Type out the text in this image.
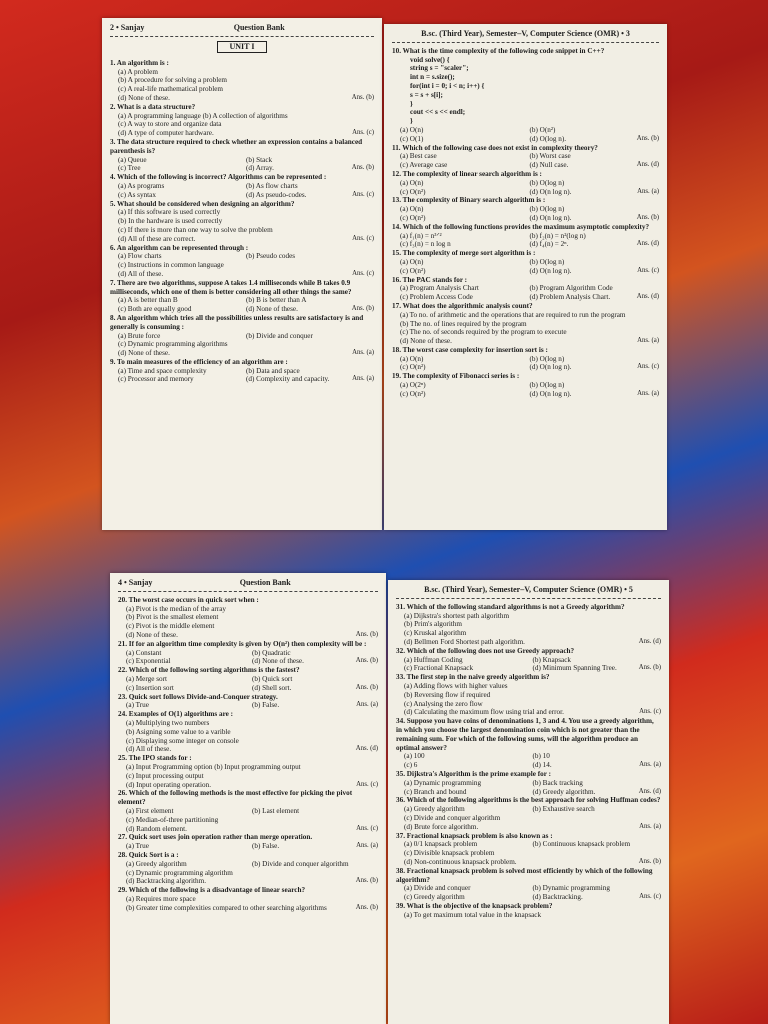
2 • Sanjay	Question Bank
UNIT I
1. An algorithm is :
(a) A problem
(b) A procedure for solving a problem
(c) A real-life mathematical problem
(d) None of these.	Ans. (b)
2. What is a data structure?
(a) A programming language (b) A collection of algorithms
(c) A way to store and organize data
(d) A type of computer hardware.	Ans. (c)
3. The data structure required to check whether an expression contains a balanced parenthesis is?
(a) Queue	(b) Stack
(c) Tree	(d) Array.	Ans. (b)
4. Which of the following is incorrect? Algorithms can be represented :
(a) As programs	(b) As flow charts
(c) As syntax	(d) As pseudo-codes.	Ans. (c)
5. What should be considered when designing an algorithm?
(a) If this software is used correctly
(b) In the hardware is used correctly
(c) If there is more than one way to solve the problem
(d) All of these are correct.	Ans. (c)
6. An algorithm can be represented through :
(a) Flow charts	(b) Pseudo codes
(c) Instructions in common language
(d) All of these.	Ans. (c)
7. There are two algorithms, suppose A takes 1.4 milliseconds while B takes 0.9 milliseconds, which one of them is better considering all other things the same?
(a) A is better than B	(b) B is better than A
(c) Both are equally good	(d) None of these.	Ans. (b)
8. An algorithm which tries all the possibilities unless results are satisfactory is and generally is consuming :
(a) Brute force	(b) Divide and conquer
(c) Dynamic programming algorithms
(d) None of these.	Ans. (a)
9. To main measures of the efficiency of an algorithm are :
(a) Time and space complexity	(b) Data and space
(c) Processor and memory	(d) Complexity and capacity.	Ans. (a)
B.sc. (Third Year), Semester–V, Computer Science (OMR) • 3
10. What is the time complexity of the following code snippet in C++?
void solve() {
string s = "scaler";
int n = s.size();
for(int i = 0; i < n; i++) {
s = s + s[i];
}
cout << s << endl;
}
(a) O(n)	(b) O(n²)
(c) O(1)	(d) O(log n).	Ans. (b)
11. Which of the following case does not exist in complexity theory?
(a) Best case	(b) Worst case
(c) Average case	(d) Null case.	Ans. (d)
12. The complexity of linear search algorithm is :
(a) O(n)	(b) O(log n)
(c) O(n²)	(d) O(n log n).	Ans. (a)
13. The complexity of Binary search algorithm is :
(a) O(n)	(b) O(log n)
(c) O(n²)	(d) O(n log n).	Ans. (b)
14. Which of the following functions provides the maximum asymptotic complexity?
(a) f₁(n) = n³ᐟ²	(b) f₂(n) = n²(log n)
(c) f₃(n) = n log n	(d) f₄(n) = 2ⁿ.	Ans. (d)
15. The complexity of merge sort algorithm is :
(a) O(n)	(b) O(log n)
(c) O(n²)	(d) O(n log n).	Ans. (c)
16. The PAC stands for :
(a) Program Analysis Chart	(b) Program Algorithm Code
(c) Problem Access Code	(d) Problem Analysis Chart.	Ans. (d)
17. What does the algorithmic analysis count?
(a) To no. of arithmetic and the operations that are required to run the program
(b) The no. of lines required by the program
(c) The no. of seconds required by the program to execute
(d) None of these.	Ans. (a)
18. The worst case complexity for insertion sort is :
(a) O(n)	(b) O(log n)
(c) O(n²)	(d) O(n log n).	Ans. (c)
19. The complexity of Fibonacci series is :
(a) O(2ⁿ)	(b) O(log n)
(c) O(n²)	(d) O(n log n).	Ans. (a)
4 • Sanjay	Question Bank
20. The worst case occurs in quick sort when :
(a) Pivot is the median of the array
(b) Pivot is the smallest element
(c) Pivot is the middle element
(d) None of these.	Ans. (b)
21. If for an algorithm time complexity is given by O(n²) then complexity will be :
(a) Constant	(b) Quadratic
(c) Exponential	(d) None of these.	Ans. (b)
22. Which of the following sorting algorithms is the fastest?
(a) Merge sort	(b) Quick sort
(c) Insertion sort	(d) Shell sort.	Ans. (b)
23. Quick sort follows Divide-and-Conquer strategy.
(a) True	(b) False.	Ans. (a)
24. Examples of O(1) algorithms are :
(a) Multiplying two numbers
(b) Asigning some value to a varible
(c) Displaying some integer on console
(d) All of these.	Ans. (d)
25. The IPO stands for :
(a) Input Programming option (b) Input programming output
(c) Input processing output
(d) Input operating operation.	Ans. (c)
26. Which of the following methods is the most effective for picking the pivot element?
(a) First element	(b) Last element
(c) Median-of-three partitioning
(d) Random element.	Ans. (c)
27. Quick sort uses join operation rather than merge operation.
(a) True	(b) False.	Ans. (a)
28. Quick Sort is a :
(a) Greedy algorithm	(b) Divide and conquer algorithm
(c) Dynamic programming algorithm
(d) Backtracking algorithm.	Ans. (b)
29. Which of the following is a disadvantage of linear search?
(a) Requires more space
(b) Greater time complexities compared to other searching algorithms	Ans. (b)
B.sc. (Third Year), Semester–V, Computer Science (OMR) • 5
31. Which of the following standard algorithms is not a Greedy algorithm?
(a) Dijkstra's shortest path algorithm
(b) Prim's algorithm
(c) Kruskal algorithm
(d) Bellmen Ford Shortest path algorithm.	Ans. (d)
32. Which of the following does not use Greedy approach?
(a) Huffman Coding	(b) Knapsack
(c) Fractional Knapsack	(d) Minimum Spanning Tree.	Ans. (b)
33. The first step in the naive greedy algorithm is?
(a) Adding flows with higher values
(b) Reversing flow if required
(c) Analysing the zero flow
(d) Calculating the maximum flow using trial and error.	Ans. (c)
34. Suppose you have coins of denominations 1, 3 and 4. You use a greedy algorithm, in which you choose the largest denomination coin which is not greater than the remaining sum. For which of the following sums, will the algorithm produce an optimal answer?
(a) 100	(b) 10
(c) 6	(d) 14.	Ans. (a)
35. Dijkstra's Algorithm is the prime example for :
(a) Dynamic programming	(b) Back tracking
(c) Branch and bound	(d) Greedy algorithm.	Ans. (d)
36. Which of the following algorithms is the best approach for solving Huffman codes?
(a) Greedy algorithm	(b) Exhaustive search
(c) Divide and conquer algorithm
(d) Brute force algorithm.	Ans. (a)
37. Fractional knapsack problem is also known as :
(a) 0/1 knapsack problem	(b) Continuous knapsack problem
(c) Divisible knapsack problem
(d) Non-continuous knapsack problem.	Ans. (b)
38. Fractional knapsack problem is solved most efficiently by which of the following algorithm?
(a) Divide and conquer	(b) Dynamic programming
(c) Greedy algorithm	(d) Backtracking.	Ans. (c)
39. What is the objective of the knapsack problem?
(a) To get maximum total value in the knapsack
